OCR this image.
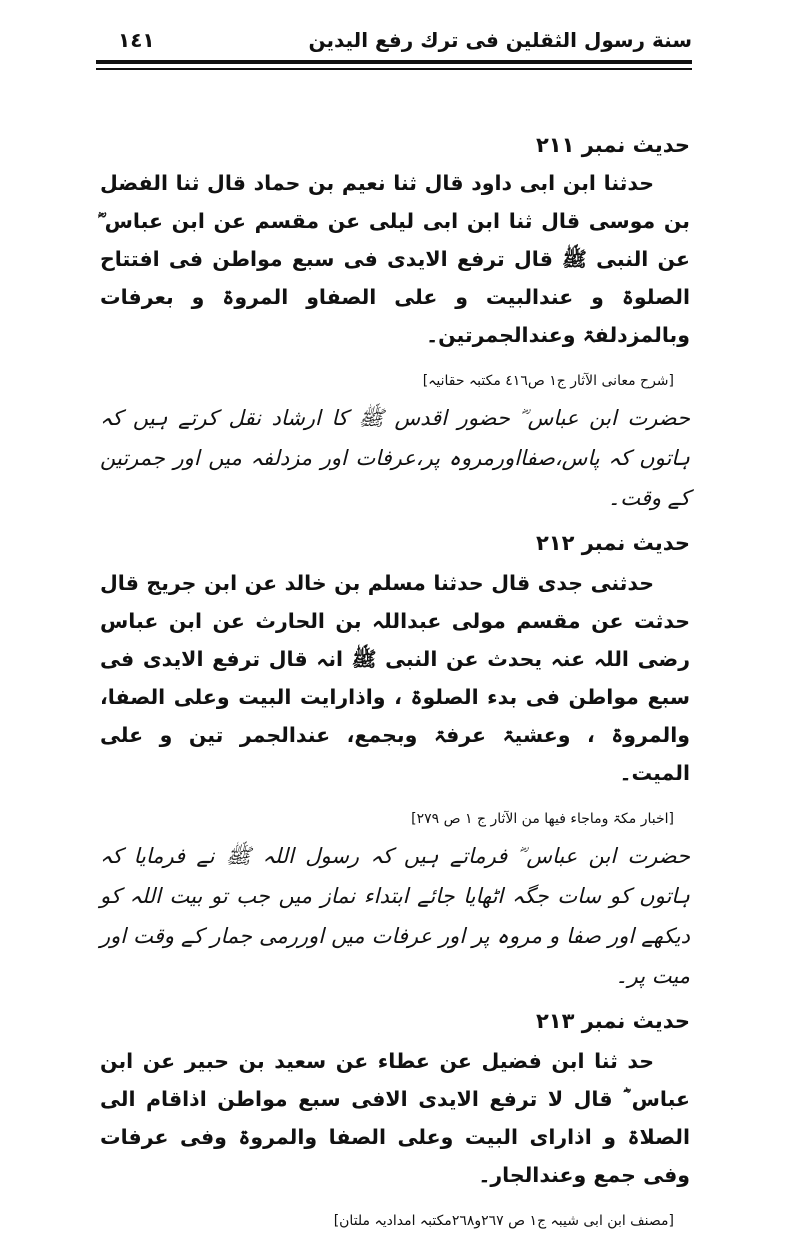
سنة رسول الثقلين فى ترك رفع اليدين
١٤١
حدیث نمبر ۲۱۱

حدثنا ابن ابی داود قال ثنا نعیم بن حماد قال ثنا الفضل بن موسی قال ثنا ابن ابی لیلی عن مقسم عن ابن عباس ؓ عن النبی ﷺ قال ترفع الایدی فی سبع مواطن فی افتتاح الصلوۃ و عندالبیت و علی الصفاو المروۃ و بعرفات وبالمزدلفۃ وعندالجمرتین۔

[شرح معانی الآثار ج١ ص٤١٦ مکتبہ حقانیہ]

حضرت ابن عباس ؓ حضور اقدس ﷺ کا ارشاد نقل کرتے ہیں کہ ہاتوں کہ پاس،صفااورمروہ پر،عرفات اور مزدلفہ میں اور جمرتین کے وقت۔

حدیث نمبر ۲۱۲

حدثنی جدی قال حدثنا مسلم بن خالد عن ابن جریج قال حدثت عن مقسم مولی عبداللہ بن الحارث عن ابن عباس رضی اللہ عنہ یحدث عن النبی ﷺ انہ قال ترفع الایدی فی سبع مواطن فی بدء الصلوۃ ، واذارایت البیت وعلی الصفا، والمروۃ ، وعشیۃ عرفۃ وبجمع، عندالجمر تین و علی المیت۔

[اخبار مکۃ وماجاء فیھا من الآثار ج ١ ص ٢٧٩]

حضرت ابن عباس ؓ فرماتے ہیں کہ رسول اللہ ﷺ نے فرمایا کہ ہاتوں کو سات جگہ اٹھایا جائے ابتداء نماز میں جب تو بیت اللہ کو دیکھے اور صفا و مروہ پر اور عرفات میں اوررمی جمار کے وقت اور میت پر۔

حدیث نمبر ۲۱۳

حد ثنا ابن فضیل عن عطاء عن سعید بن حبیر عن ابن عباس ؓ قال لا ترفع الایدی الافی سبع مواطن اذاقام الی الصلاۃ و اذارای البیت وعلی الصفا والمروۃ وفی عرفات وفی جمع وعندالجار۔

[مصنف ابن ابی شیبہ ج١ ص ٢٦٧و٢٦٨مکتبہ امدادیہ ملتان]
